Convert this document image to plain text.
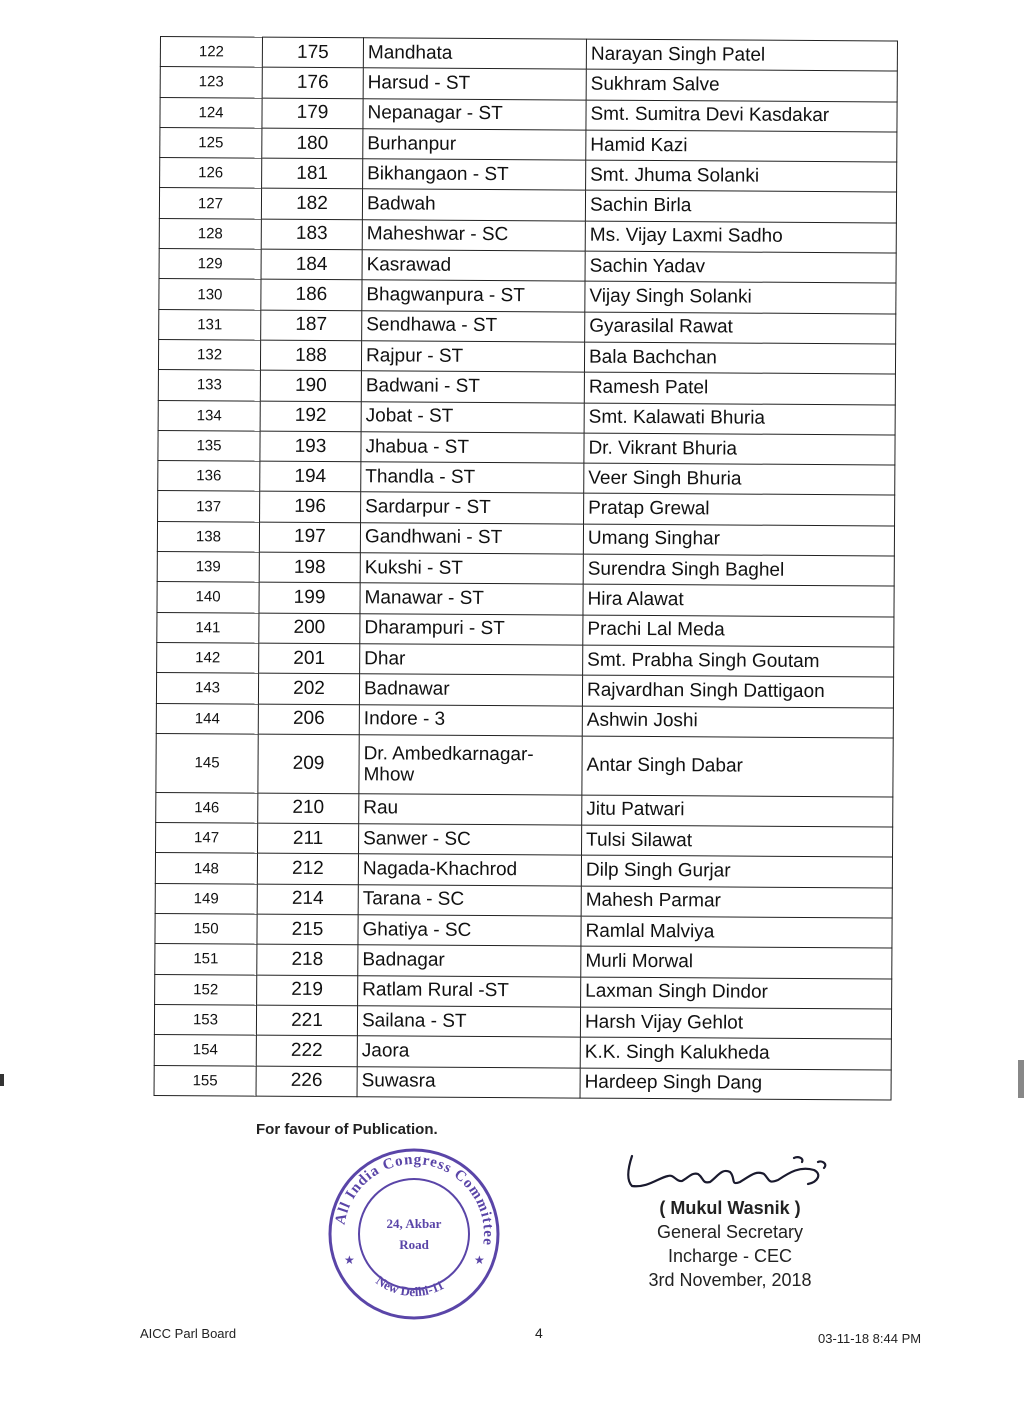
122	175	Mandhata	Narayan Singh Patel
123	176	Harsud - ST	Sukhram Salve
124	179	Nepanagar - ST	Smt. Sumitra Devi Kasdakar
125	180	Burhanpur	Hamid Kazi
126	181	Bikhangaon - ST	Smt. Jhuma Solanki
127	182	Badwah	Sachin Birla
128	183	Maheshwar - SC	Ms. Vijay Laxmi Sadho
129	184	Kasrawad	Sachin Yadav
130	186	Bhagwanpura - ST	Vijay Singh Solanki
131	187	Sendhawa - ST	Gyarasilal Rawat
132	188	Rajpur - ST	Bala Bachchan
133	190	Badwani - ST	Ramesh Patel
134	192	Jobat - ST	Smt. Kalawati Bhuria
135	193	Jhabua - ST	Dr. Vikrant Bhuria
136	194	Thandla - ST	Veer Singh Bhuria
137	196	Sardarpur - ST	Pratap Grewal
138	197	Gandhwani - ST	Umang Singhar
139	198	Kukshi - ST	Surendra Singh Baghel
140	199	Manawar - ST	Hira Alawat
141	200	Dharampuri - ST	Prachi Lal Meda
142	201	Dhar	Smt. Prabha Singh Goutam
143	202	Badnawar	Rajvardhan Singh Dattigaon
144	206	Indore - 3	Ashwin Joshi
145	209	Dr. Ambedkarnagar-Mhow	Antar Singh Dabar
146	210	Rau	Jitu Patwari
147	211	Sanwer - SC	Tulsi Silawat
148	212	Nagada-Khachrod	Dilp Singh Gurjar
149	214	Tarana - SC	Mahesh Parmar
150	215	Ghatiya - SC	Ramlal Malviya
151	218	Badnagar	Murli Morwal
152	219	Ratlam Rural -ST	Laxman Singh Dindor
153	221	Sailana - ST	Harsh Vijay Gehlot
154	222	Jaora	K.K. Singh Kalukheda
155	226	Suwasra	Hardeep Singh Dang
For favour of Publication.
All India Congress Committee
24, Akbar
Road
New Delhi-11
★	★
( Mukul Wasnik )
General Secretary
Incharge - CEC
3rd November, 2018
AICC Parl Board	4	03-11-18 8:44 PM
